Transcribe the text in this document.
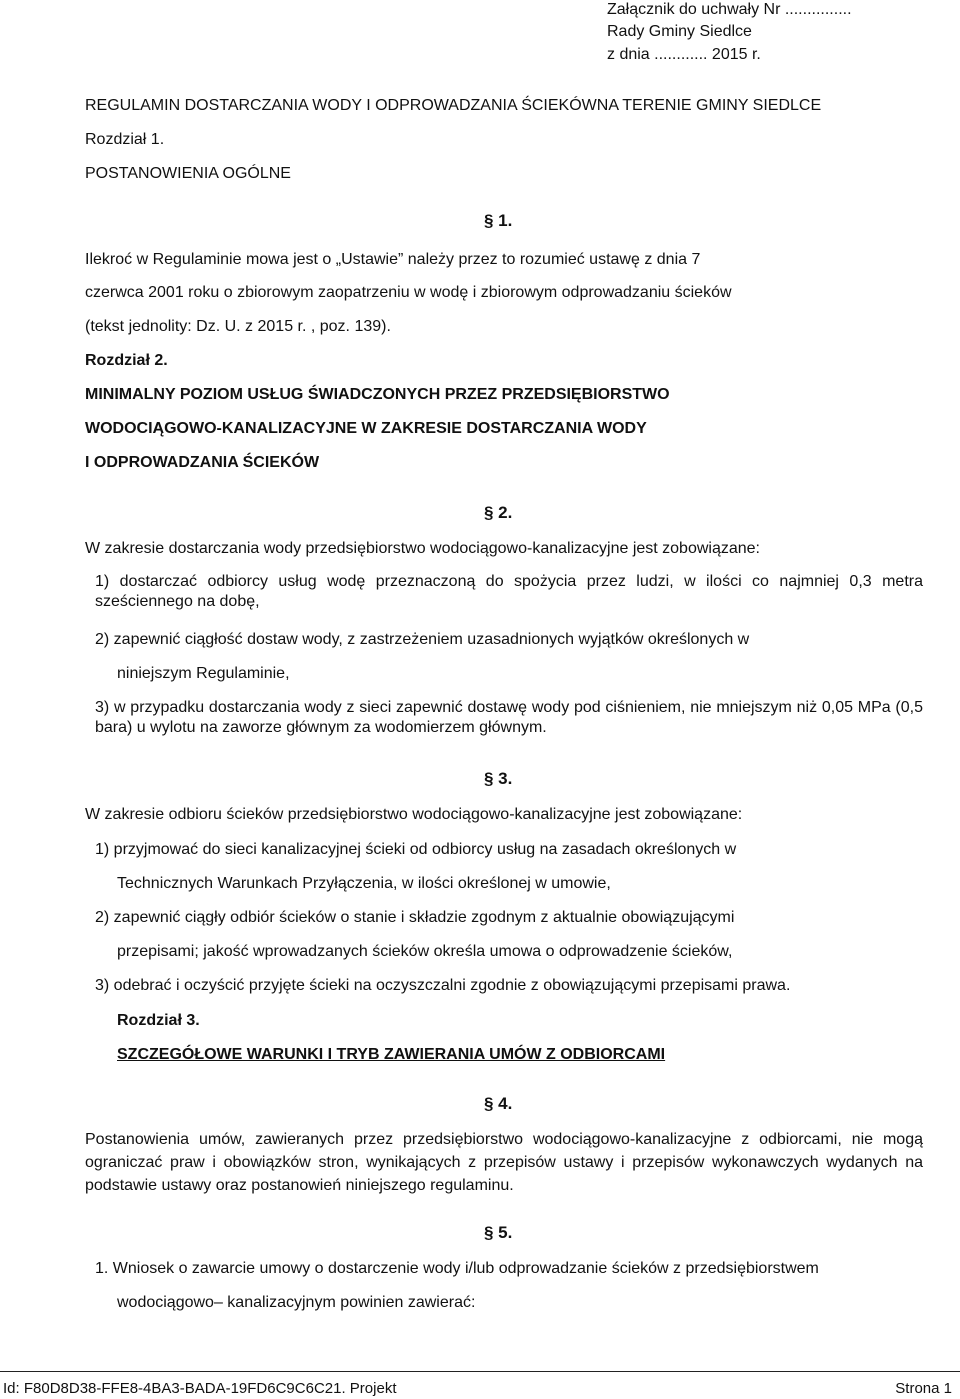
Załącznik do uchwały Nr ...............
Rady Gminy Siedlce
z dnia ............ 2015 r.
REGULAMIN DOSTARCZANIA WODY I ODPROWADZANIA ŚCIEKÓWNA TERENIE GMINY SIEDLCE
Rozdział 1.
POSTANOWIENIA OGÓLNE
§ 1.
Ilekroć w Regulaminie mowa jest o „Ustawie” należy przez to rozumieć ustawę z dnia 7
czerwca 2001 roku o zbiorowym zaopatrzeniu w wodę i zbiorowym odprowadzaniu ścieków
(tekst jednolity: Dz. U. z 2015 r. , poz. 139).
Rozdział 2.
MINIMALNY POZIOM USŁUG ŚWIADCZONYCH PRZEZ PRZEDSIĘBIORSTWO
WODOCIĄGOWO-KANALIZACYJNE W ZAKRESIE DOSTARCZANIA WODY
I ODPROWADZANIA ŚCIEKÓW
§ 2.
W zakresie dostarczania wody przedsiębiorstwo wodociągowo-kanalizacyjne jest zobowiązane:
1) dostarczać odbiorcy usług wodę przeznaczoną do spożycia przez ludzi, w ilości co najmniej 0,3 metra sześciennego na dobę,
2) zapewnić ciągłość dostaw wody, z zastrzeżeniem uzasadnionych wyjątków określonych w
niniejszym Regulaminie,
3) w przypadku dostarczania wody z sieci zapewnić dostawę wody pod ciśnieniem, nie mniejszym niż 0,05 MPa (0,5 bara) u wylotu na zaworze głównym za wodomierzem głównym.
§ 3.
W zakresie odbioru ścieków przedsiębiorstwo wodociągowo-kanalizacyjne jest zobowiązane:
1) przyjmować do sieci kanalizacyjnej ścieki od odbiorcy usług na zasadach określonych w
Technicznych Warunkach Przyłączenia, w ilości określonej w umowie,
2) zapewnić ciągły odbiór ścieków o stanie i składzie zgodnym z aktualnie obowiązującymi
przepisami; jakość wprowadzanych ścieków określa umowa o odprowadzenie ścieków,
3) odebrać i oczyścić przyjęte ścieki na oczyszczalni zgodnie z obowiązującymi przepisami prawa.
Rozdział 3.
SZCZEGÓŁOWE WARUNKI I TRYB ZAWIERANIA UMÓW Z ODBIORCAMI
§ 4.
Postanowienia umów, zawieranych przez przedsiębiorstwo wodociągowo-kanalizacyjne z odbiorcami, nie mogą ograniczać praw i obowiązków stron, wynikających z przepisów ustawy i przepisów wykonawczych wydanych na podstawie ustawy oraz postanowień niniejszego regulaminu.
§ 5.
1. Wniosek o zawarcie umowy o dostarczenie wody i/lub odprowadzanie ścieków z przedsiębiorstwem
wodociągowo– kanalizacyjnym powinien zawierać:
Id: F80D8D38-FFE8-4BA3-BADA-19FD6C9C6C21. Projekt	Strona 1
